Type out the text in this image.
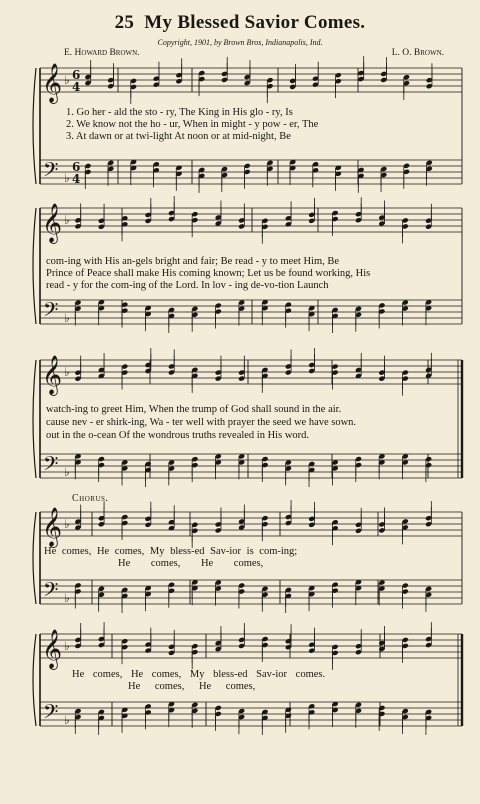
25 My Blessed Savior Comes.
Copyright, 1901, by Brown Bros, Indianapolis, Ind.
E. Howard Brown.	L. O. Brown.
𝄞
𝄢
♭
♭
6
4
6
4
𝄞
𝄢
♭
♭
𝄞
𝄢
♭
♭
𝄞
𝄢
♭
♭
𝄞
𝄢
♭
♭
1. Go her - ald the sto - ry, The King in His glo - ry, Is
2. We know not the ho - ur, When in might - y pow - er, The
3. At dawn or at twi-light At noon or at mid-night, Be
com-ing with His an-gels bright and fair; Be read - y to meet Him, Be
Prince of Peace shall make His coming known; Let us be found working, His
read - y for the com-ing of the Lord. In lov - ing de-vo-tion Launch
watch-ing to greet Him, When the trump of God shall sound in the air.
cause nev - er shirk-ing, Wa - ter well with prayer the seed we have sown.
out in the o-cean Of the wondrous truths revealed in His word.
Chorus.
He comes, He comes, My bless-ed Sav-ior is com-ing;
He comes, He comes,
He comes, He comes, My bless-ed Sav-ior comes.
He comes, He comes,
